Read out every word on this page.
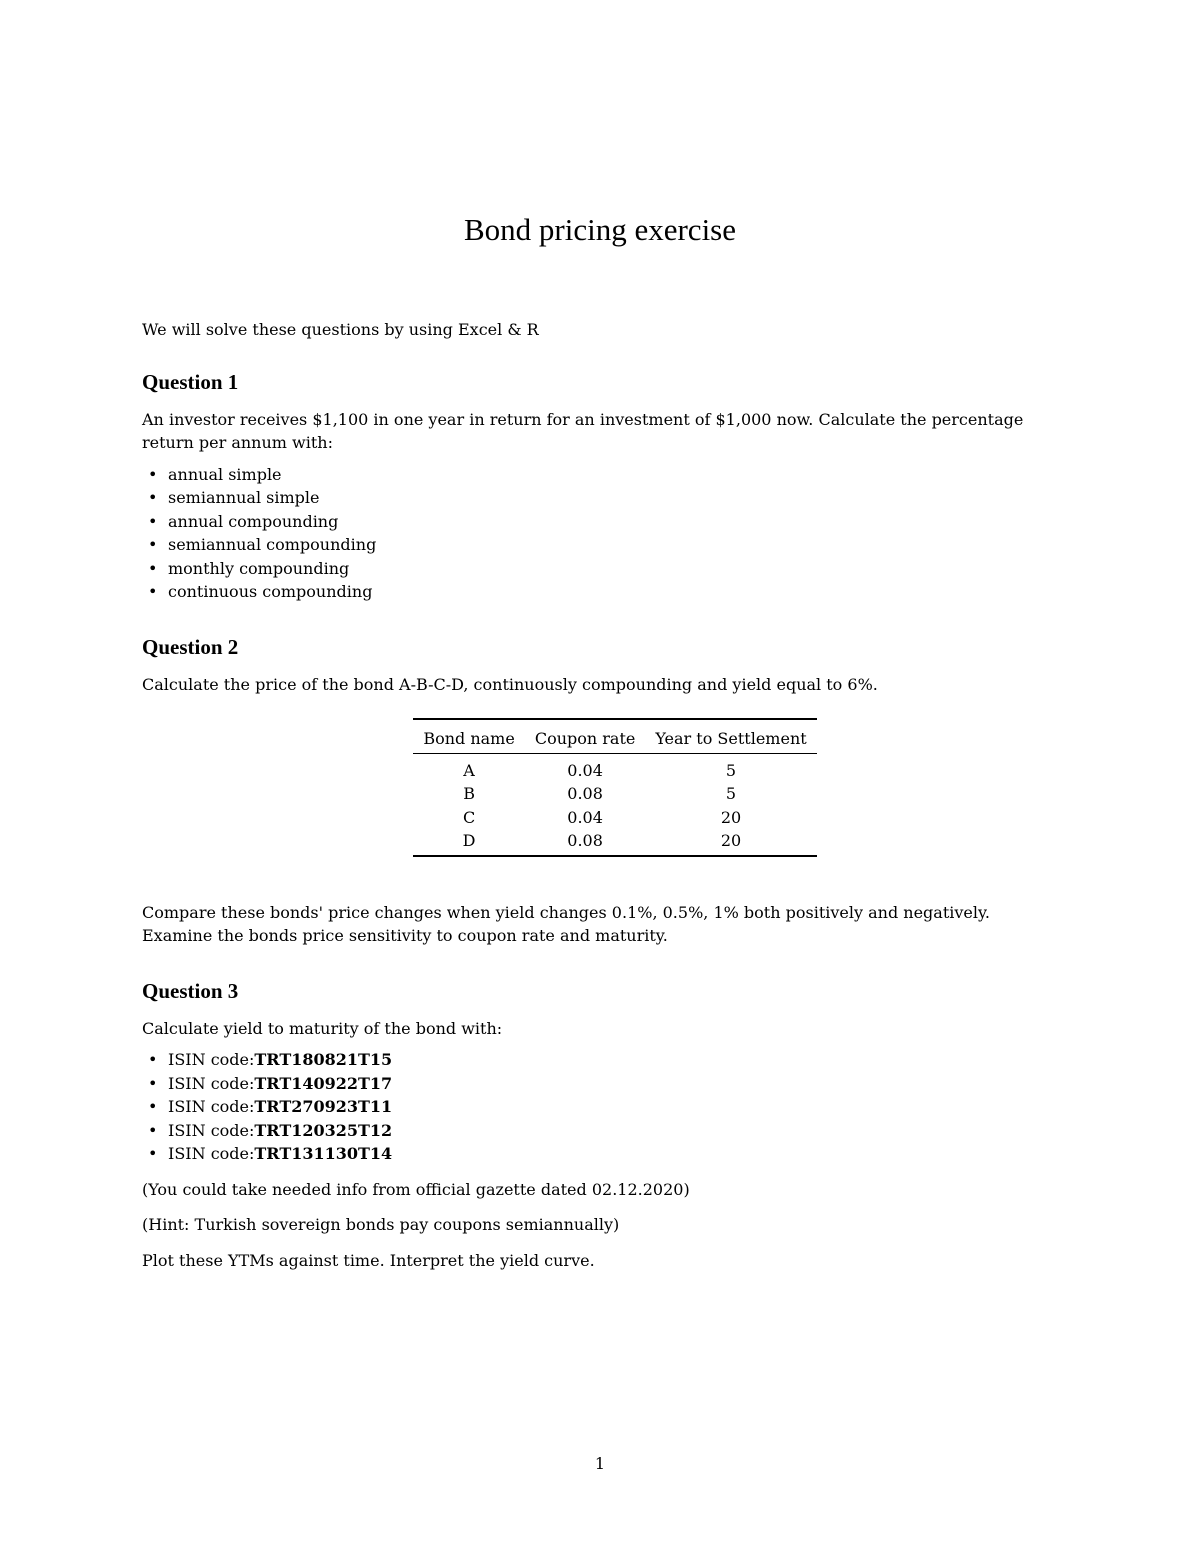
Bond pricing exercise

We will solve these questions by using Excel & R

Question 1

An investor receives $1,100 in one year in return for an investment of $1,000 now. Calculate the percentage
return per annum with:

• annual simple
• semiannual simple
• annual compounding
• semiannual compounding
• monthly compounding
• continuous compounding
Question 2

Calculate the price of the bond A-B-C-D, continuously compounding and yield equal to 6%.

Bond name	Coupon rate	Year to Settlement
A	0.04	5
B	0.08	5
C	0.04	20
D	0.08	20

Compare these bonds' price changes when yield changes 0.1%, 0.5%, 1% both positively and negatively.
Examine the bonds price sensitivity to coupon rate and maturity.

Question 3

Calculate yield to maturity of the bond with:

• ISIN code:TRT180821T15
• ISIN code:TRT140922T17
• ISIN code:TRT270923T11
• ISIN code:TRT120325T12
• ISIN code:TRT131130T14

(You could take needed info from official gazette dated 02.12.2020)

(Hint: Turkish sovereign bonds pay coupons semiannually)

Plot these YTMs against time. Interpret the yield curve.

1
